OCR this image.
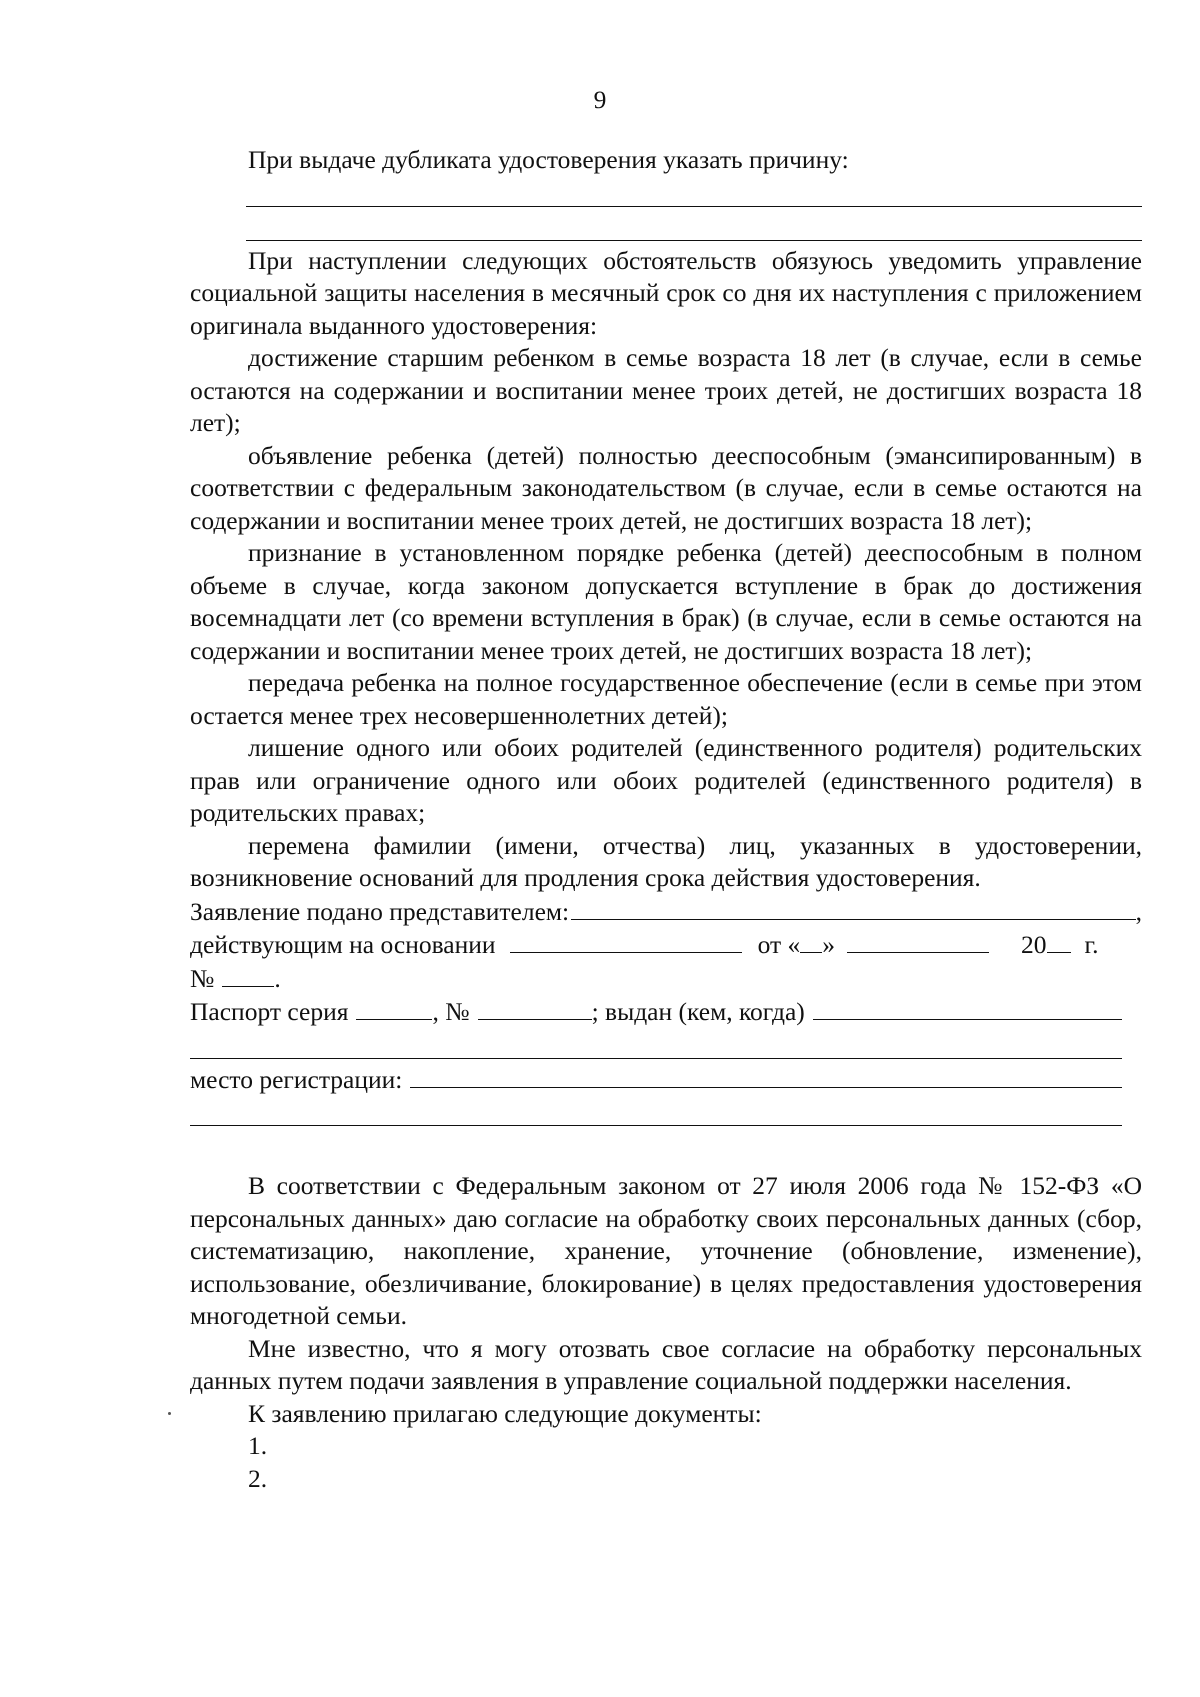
9

При выдаче дубликата удостоверения указать причину:

При наступлении следующих обстоятельств обязуюсь уведомить управление социальной защиты населения в месячный срок со дня их наступления с приложением оригинала выданного удостоверения:

достижение старшим ребенком в семье возраста 18 лет (в случае, если в семье остаются на содержании и воспитании менее троих детей, не достигших возраста 18 лет);

объявление ребенка (детей) полностью дееспособным (эмансипированным) в соответствии с федеральным законодательством (в случае, если в семье остаются на содержании и воспитании менее троих детей, не достигших возраста 18 лет);

признание в установленном порядке ребенка (детей) дееспособным в полном объеме в случае, когда законом допускается вступление в брак до достижения восемнадцати лет (со времени вступления в брак) (в случае, если в семье остаются на содержании и воспитании менее троих детей, не достигших возраста 18 лет);

передача ребенка на полное государственное обеспечение (если в семье при этом остается менее трех несовершеннолетних детей);

лишение одного или обоих родителей (единственного родителя) родительских прав или ограничение одного или обоих родителей (единственного родителя) в родительских правах;

перемена фамилии (имени, отчества) лиц, указанных в удостоверении, возникновение оснований для продления срока действия удостоверения.

Заявление подано представителем:	,
действующим на основании	от « »	20 г.
№ .
Паспорт серия	, №	; выдан (кем, когда)
место регистрации:

В соответствии с Федеральным законом от 27 июля 2006 года № 152-ФЗ «О персональных данных» даю согласие на обработку своих персональных данных (сбор, систематизацию, накопление, хранение, уточнение (обновление, изменение), использование, обезличивание, блокирование) в целях предоставления удостоверения многодетной семьи.

Мне известно, что я могу отозвать свое согласие на обработку персональных данных путем подачи заявления в управление социальной поддержки населения.

К заявлению прилагаю следующие документы:

1.

2.
